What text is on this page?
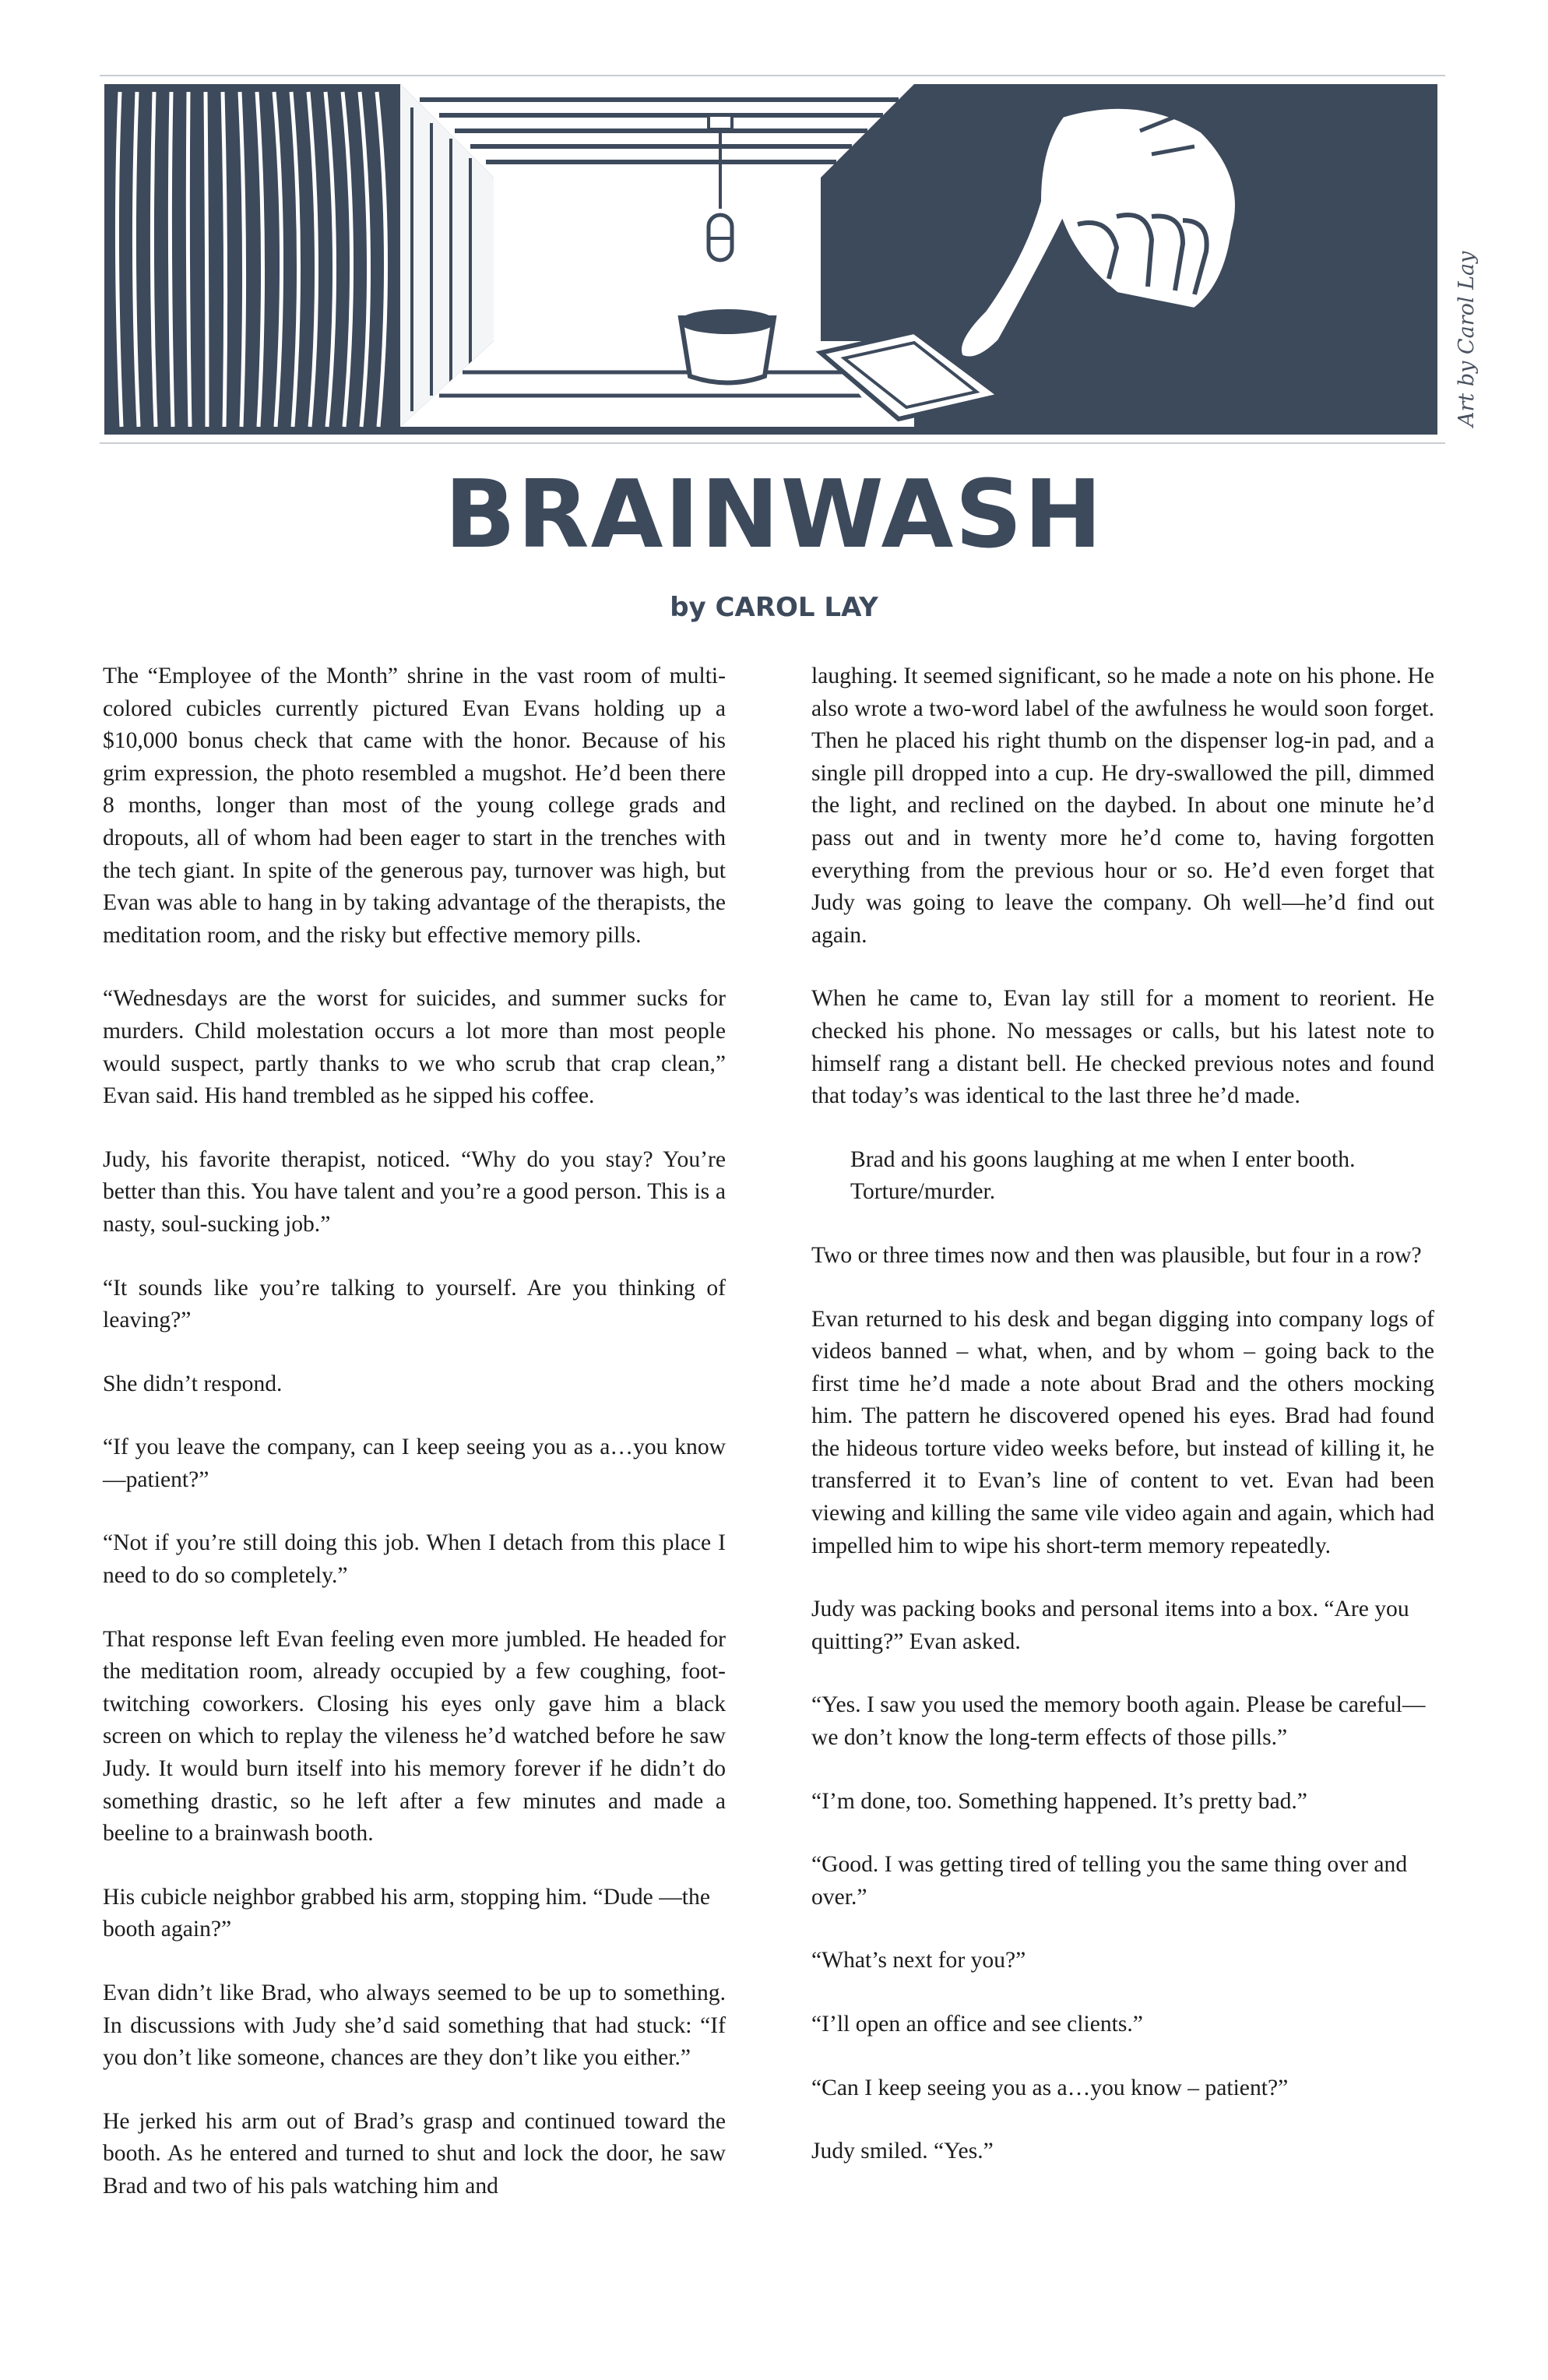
Art by Carol Lay
BRAINWASH
by CAROL LAY

The “Employee of the Month” shrine in the vast room of multi-colored cubicles currently pictured Evan Evans holding up a $10,000 bonus check that came with the honor. Because of his grim expression, the photo resembled a mugshot. He’d been there 8 months, longer than most of the young college grads and dropouts, all of whom had been eager to start in the trenches with the tech giant. In spite of the generous pay, turnover was high, but Evan was able to hang in by taking advantage of the therapists, the meditation room, and the risky but effective memory pills.

“Wednesdays are the worst for suicides, and summer sucks for murders. Child molestation occurs a lot more than most people would suspect, partly thanks to we who scrub that crap clean,” Evan said. His hand trembled as he sipped his coffee.

Judy, his favorite therapist, noticed. “Why do you stay? You’re better than this. You have talent and you’re a good person. This is a nasty, soul-sucking job.”

“It sounds like you’re talking to yourself. Are you thinking of leaving?”

She didn’t respond.

“If you leave the company, can I keep seeing you as a…you know—patient?”

“Not if you’re still doing this job. When I detach from this place I need to do so completely.”

That response left Evan feeling even more jumbled. He headed for the meditation room, already occupied by a few coughing, foot-twitching coworkers. Closing his eyes only gave him a black screen on which to replay the vileness he’d watched before he saw Judy. It would burn itself into his memory forever if he didn’t do something drastic, so he left after a few minutes and made a beeline to a brainwash booth.

His cubicle neighbor grabbed his arm, stopping him. “Dude —the booth again?”

Evan didn’t like Brad, who always seemed to be up to something. In discussions with Judy she’d said something that had stuck: “If you don’t like someone, chances are they don’t like you either.”

He jerked his arm out of Brad’s grasp and continued toward the booth. As he entered and turned to shut and lock the door, he saw Brad and two of his pals watching him and

laughing. It seemed significant, so he made a note on his phone. He also wrote a two-word label of the awfulness he would soon forget. Then he placed his right thumb on the dispenser log-in pad, and a single pill dropped into a cup. He dry-swallowed the pill, dimmed the light, and reclined on the daybed. In about one minute he’d pass out and in twenty more he’d come to, having forgotten everything from the previous hour or so. He’d even forget that Judy was going to leave the company. Oh well—he’d find out again.

When he came to, Evan lay still for a moment to reorient. He checked his phone. No messages or calls, but his latest note to himself rang a distant bell. He checked previous notes and found that today’s was identical to the last three he’d made.

Brad and his goons laughing at me when I enter booth. Torture/murder.

Two or three times now and then was plausible, but four in a row?

Evan returned to his desk and began digging into company logs of videos banned – what, when, and by whom – going back to the first time he’d made a note about Brad and the others mocking him. The pattern he discovered opened his eyes. Brad had found the hideous torture video weeks before, but instead of killing it, he transferred it to Evan’s line of content to vet. Evan had been viewing and killing the same vile video again and again, which had impelled him to wipe his short-term memory repeatedly.

Judy was packing books and personal items into a box. “Are you quitting?” Evan asked.

“Yes. I saw you used the memory booth again. Please be careful—we don’t know the long-term effects of those pills.”

“I’m done, too. Something happened. It’s pretty bad.”

“Good. I was getting tired of telling you the same thing over and over.”

“What’s next for you?”

“I’ll open an office and see clients.”

“Can I keep seeing you as a…you know – patient?”

Judy smiled. “Yes.”
